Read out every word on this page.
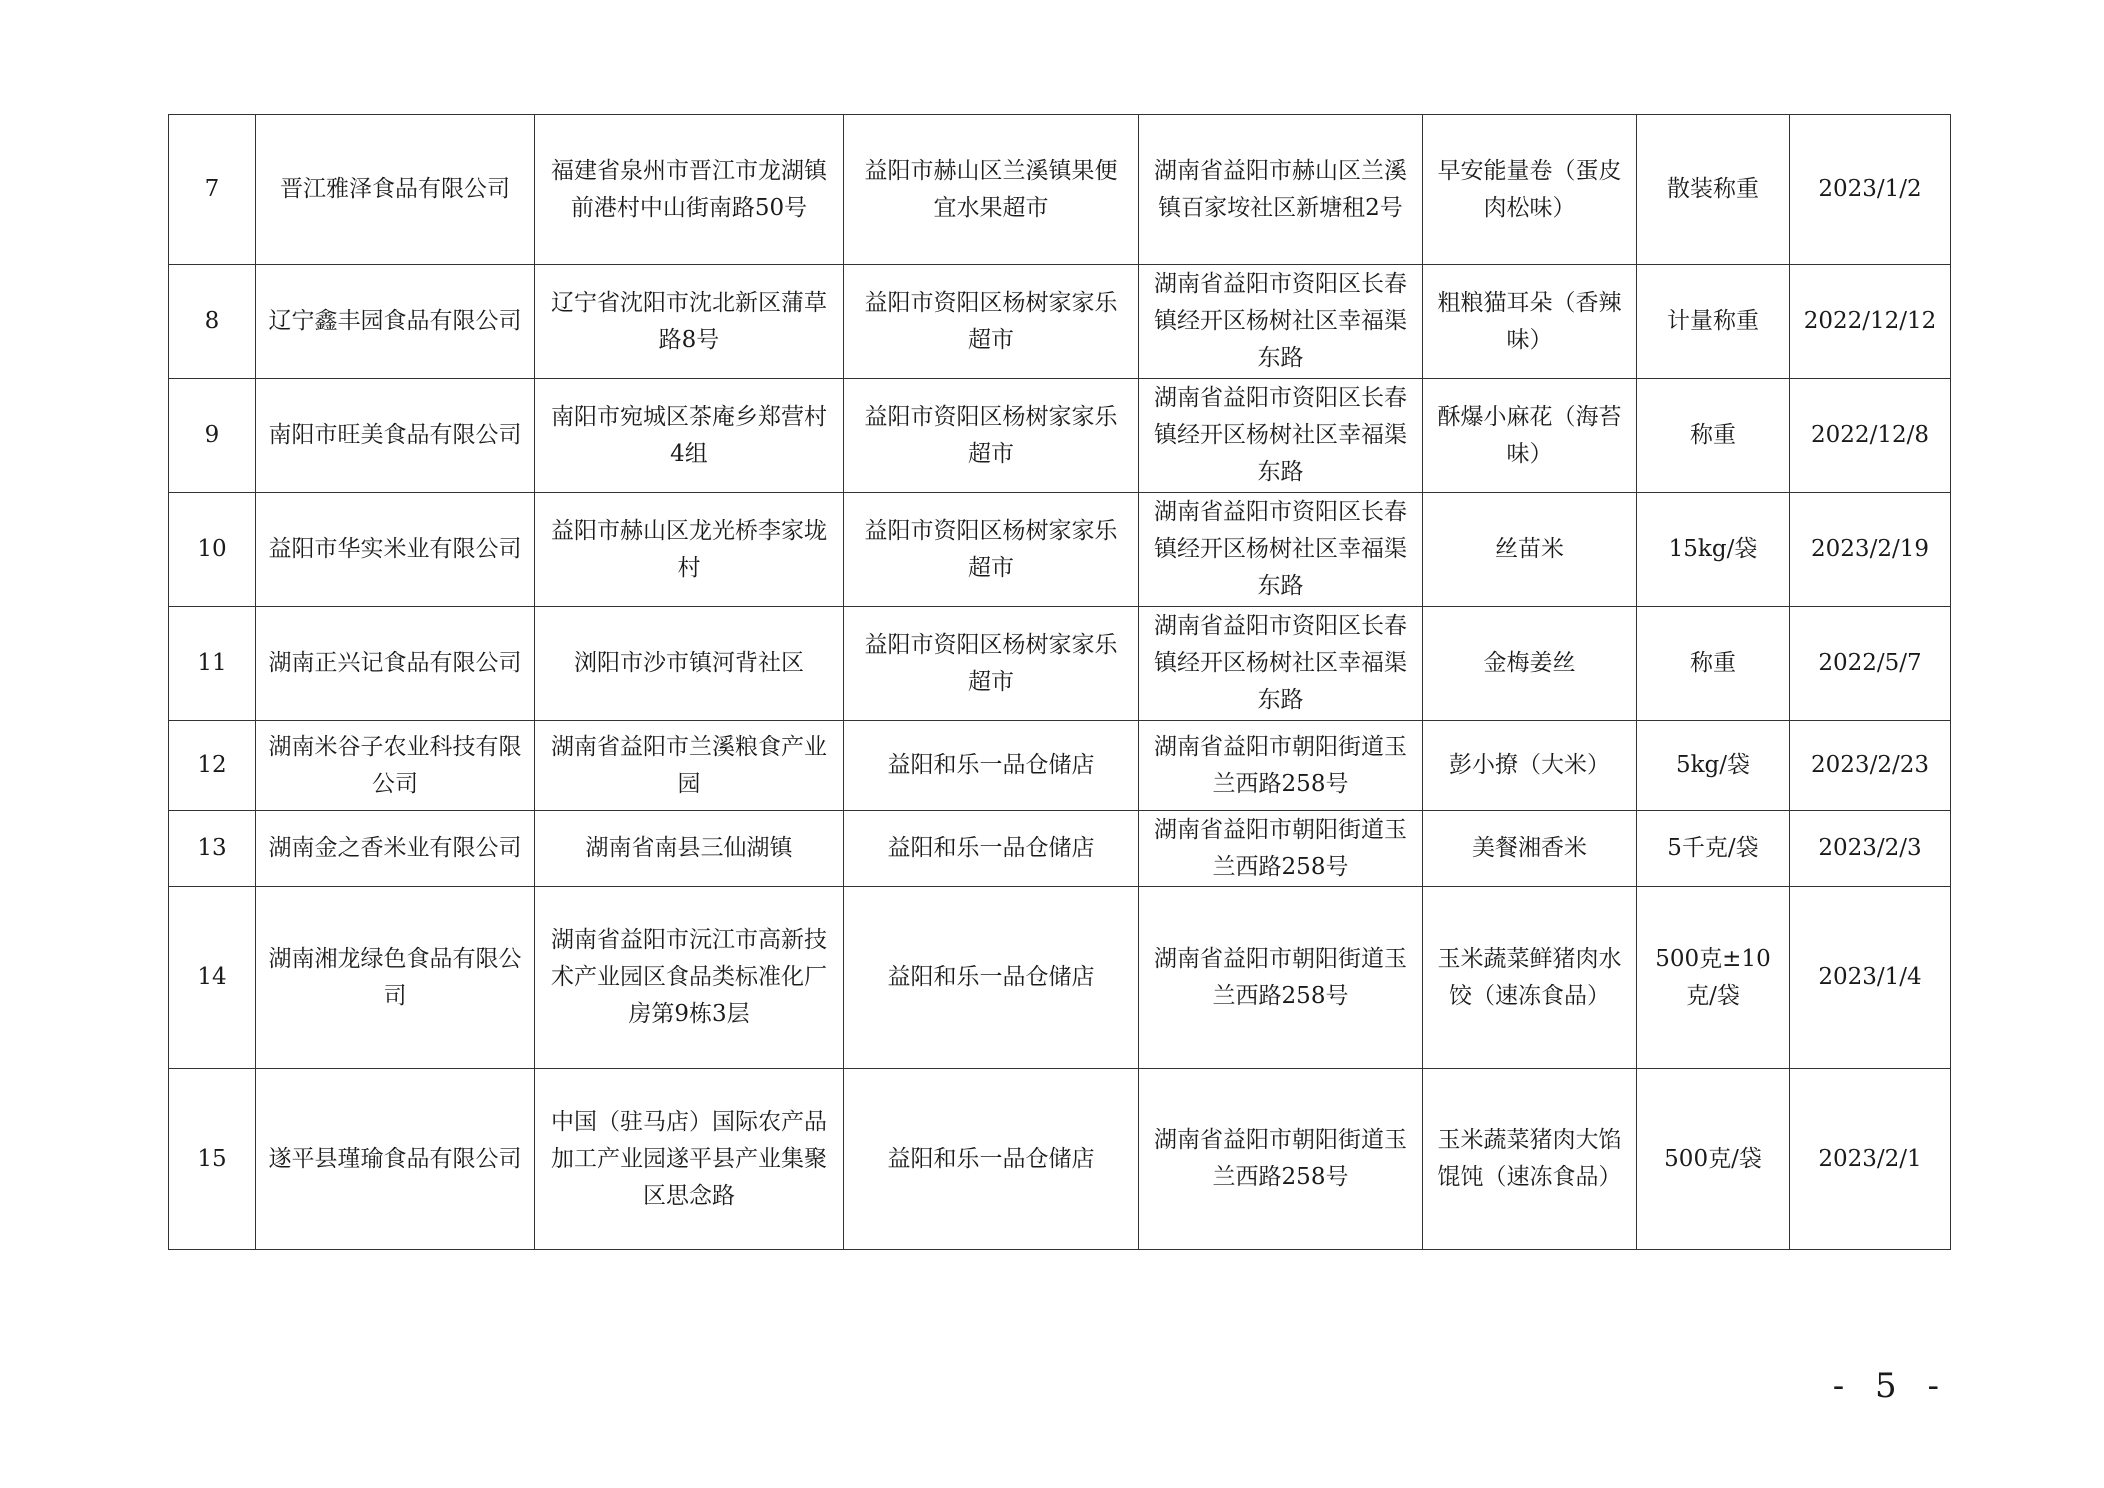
7	晋江雅泽食品有限公司	福建省泉州市晋江市龙湖镇前港村中山街南路50号	益阳市赫山区兰溪镇果便宜水果超市	湖南省益阳市赫山区兰溪镇百家垵社区新塘租2号	早安能量卷（蛋皮肉松味）	散装称重	2023/1/2
8	辽宁鑫丰园食品有限公司	辽宁省沈阳市沈北新区蒲草路8号	益阳市资阳区杨树家家乐超市	湖南省益阳市资阳区长春镇经开区杨树社区幸福渠东路	粗粮猫耳朵（香辣味）	计量称重	2022/12/12
9	南阳市旺美食品有限公司	南阳市宛城区茶庵乡郑营村4组	益阳市资阳区杨树家家乐超市	湖南省益阳市资阳区长春镇经开区杨树社区幸福渠东路	酥爆小麻花（海苔味）	称重	2022/12/8
10	益阳市华实米业有限公司	益阳市赫山区龙光桥李家垅村	益阳市资阳区杨树家家乐超市	湖南省益阳市资阳区长春镇经开区杨树社区幸福渠东路	丝苗米	15kg/袋	2023/2/19
11	湖南正兴记食品有限公司	浏阳市沙市镇河背社区	益阳市资阳区杨树家家乐超市	湖南省益阳市资阳区长春镇经开区杨树社区幸福渠东路	金梅姜丝	称重	2022/5/7
12	湖南米谷子农业科技有限公司	湖南省益阳市兰溪粮食产业园	益阳和乐一品仓储店	湖南省益阳市朝阳街道玉兰西路258号	彭小撩（大米）	5kg/袋	2023/2/23
13	湖南金之香米业有限公司	湖南省南县三仙湖镇	益阳和乐一品仓储店	湖南省益阳市朝阳街道玉兰西路258号	美餐湘香米	5千克/袋	2023/2/3
14	湖南湘龙绿色食品有限公司	湖南省益阳市沅江市高新技术产业园区食品类标准化厂房第9栋3层	益阳和乐一品仓储店	湖南省益阳市朝阳街道玉兰西路258号	玉米蔬菜鲜猪肉水饺（速冻食品）	500克±10克/袋	2023/1/4
15	遂平县瑾瑜食品有限公司	中国（驻马店）国际农产品加工产业园遂平县产业集聚区思念路	益阳和乐一品仓储店	湖南省益阳市朝阳街道玉兰西路258号	玉米蔬菜猪肉大馅馄饨（速冻食品）	500克/袋	2023/2/1
- 5 -
